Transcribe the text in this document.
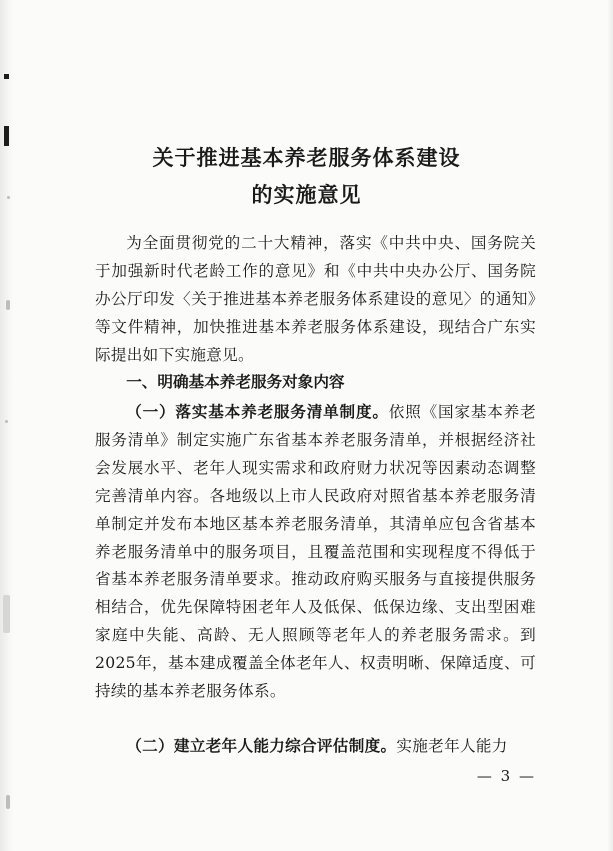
关于推进基本养老服务体系建设
的实施意见

为全面贯彻党的二十大精神，落实《中共中央、国务院关于加强新时代老龄工作的意见》和《中共中央办公厅、国务院办公厅印发〈关于推进基本养老服务体系建设的意见〉的通知》等文件精神，加快推进基本养老服务体系建设，现结合广东实际提出如下实施意见。

一、明确基本养老服务对象内容

（一）落实基本养老服务清单制度。依照《国家基本养老服务清单》制定实施广东省基本养老服务清单，并根据经济社会发展水平、老年人现实需求和政府财力状况等因素动态调整完善清单内容。各地级以上市人民政府对照省基本养老服务清单制定并发布本地区基本养老服务清单，其清单应包含省基本养老服务清单中的服务项目，且覆盖范围和实现程度不得低于省基本养老服务清单要求。推动政府购买服务与直接提供服务相结合，优先保障特困老年人及低保、低保边缘、支出型困难家庭中失能、高龄、无人照顾等老年人的养老服务需求。到2025年，基本建成覆盖全体老年人、权责明晰、保障适度、可持续的基本养老服务体系。

（二）建立老年人能力综合评估制度。实施老年人能力

— 3 —
